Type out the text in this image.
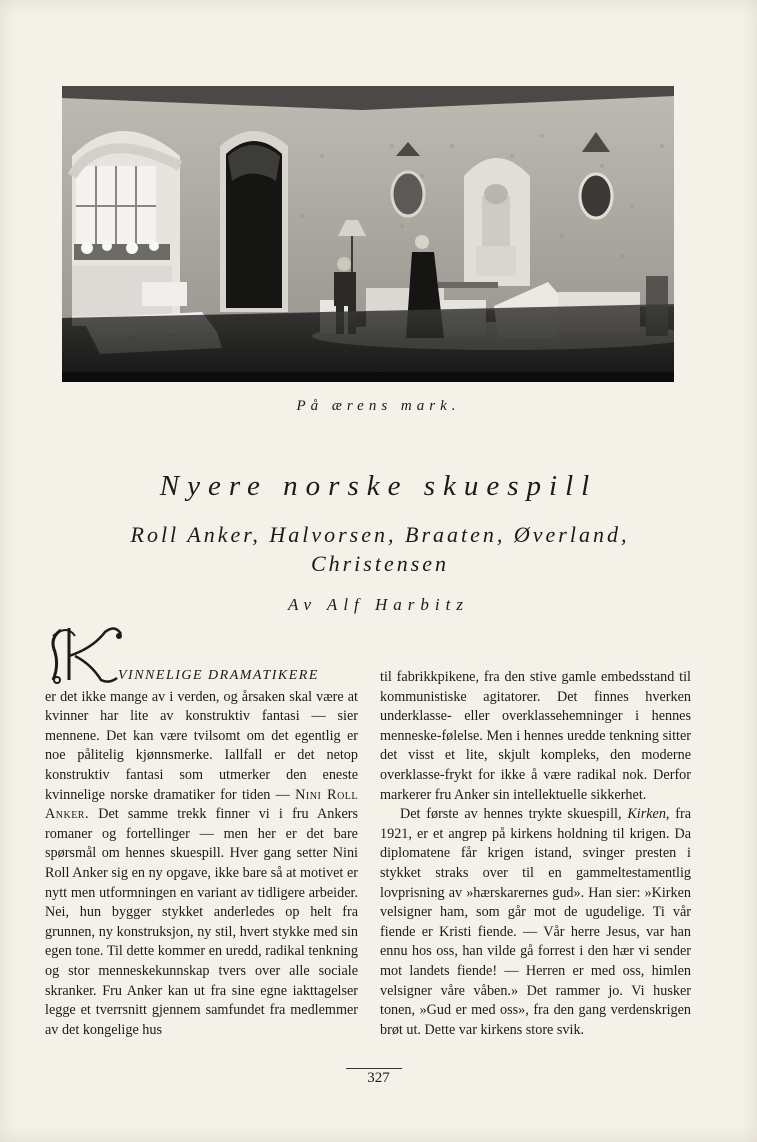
På ærens mark.
Nyere norske skuespill
Roll Anker, Halvorsen, Braaten, Øverland, Christensen
Av Alf Harbitz
K
VINNELIGE DRAMATIKERE

er det ikke mange av i verden, og årsaken skal være at kvinner har lite av konstruktiv fantasi — sier mennene. Det kan være tvilsomt om det egentlig er noe pålitelig kjønnsmerke. Iallfall er det netop konstruktiv fantasi som utmerker den eneste kvinnelige norske dramatiker for tiden — Nini Roll Anker. Det samme trekk finner vi i fru Ankers romaner og fortellinger — men her er det bare spørsmål om hennes skuespill. Hver gang setter Nini Roll Anker sig en ny opgave, ikke bare så at motivet er nytt men utformningen en variant av tidligere arbeider. Nei, hun bygger stykket anderledes op helt fra grunnen, ny konstruksjon, ny stil, hvert stykke med sin egen tone. Til dette kommer en uredd, radikal tenkning og stor menneskekunnskap tvers over alle sociale skranker. Fru Anker kan ut fra sine egne iakttagelser legge et tverrsnitt gjennem samfundet fra medlemmer av det kongelige hus

til fabrikkpikene, fra den stive gamle embedsstand til kommunistiske agitatorer. Det finnes hverken underklasse- eller overklassehemninger i hennes menneske-følelse. Men i hennes uredde tenkning sitter det visst et lite, skjult kompleks, den moderne overklasse-frykt for ikke å være radikal nok. Derfor markerer fru Anker sin intellektuelle sikkerhet.

Det første av hennes trykte skuespill, Kirken, fra 1921, er et angrep på kirkens holdning til krigen. Da diplomatene får krigen istand, svinger presten i stykket straks over til en gammeltestamentlig lovprisning av »hærskarernes gud». Han sier: »Kirken velsigner ham, som går mot de ugudelige. Ti vår fiende er Kristi fiende. — Vår herre Jesus, var han ennu hos oss, han vilde gå forrest i den hær vi sender mot landets fiende! — Herren er med oss, himlen velsigner våre våben.» Det rammer jo. Vi husker tonen, »Gud er med oss», fra den gang verdenskrigen brøt ut. Dette var kirkens store svik.

327
